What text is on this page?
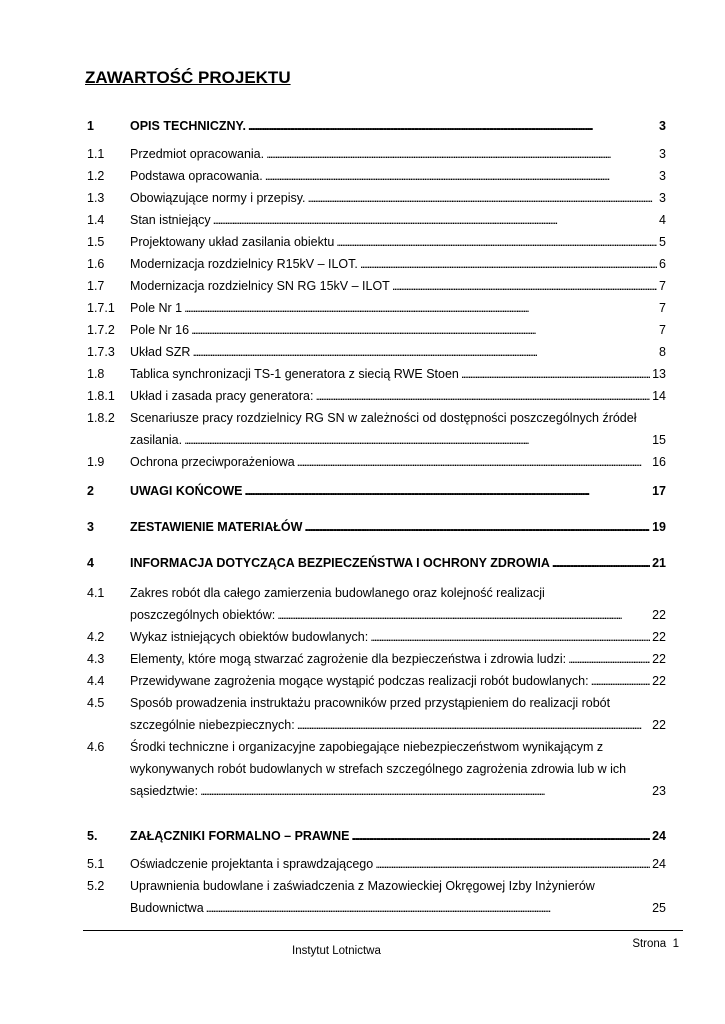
ZAWARTOŚĆ PROJEKTU
1	OPIS TECHNICZNY. . . .	3
1.1 Przedmiot opracowania. . . .	3
1.2 Podstawa opracowania. . . .	3
1.3 Obowiązujące normy i przepisy. . . .	3
1.4 Stan istniejący . . .	4
1.5 Projektowany układ zasilania obiektu . . .	5
1.6 Modernizacja rozdzielnicy R15kV – ILOT. . . .	6
1.7 Modernizacja rozdzielnicy SN RG 15kV – ILOT . . .	7
1.7.1 Pole Nr 1 . . .	7
1.7.2 Pole Nr 16 . . .	7
1.7.3 Układ SZR . . .	8
1.8 Tablica synchronizacji TS-1 generatora z siecią RWE Stoen . . .	13
1.8.1 Układ i zasada pracy generatora: . . .	14
1.8.2 Scenariusze pracy rozdzielnicy RG SN w zależności od dostępności poszczególnych źródeł
zasilania. . . .	15
1.9 Ochrona przeciwporażeniowa . . .	16
2	UWAGI KOŃCOWE . . .	17
3	ZESTAWIENIE MATERIAŁÓW . . .	19
4	INFORMACJA DOTYCZĄCA BEZPIECZEŃSTWA I OCHRONY ZDROWIA . . .	21
4.1 Zakres robót dla całego zamierzenia budowlanego oraz kolejność realizacji
poszczególnych obiektów: . . .	22
4.2 Wykaz istniejących obiektów budowlanych: . . .	22
4.3 Elementy, które mogą stwarzać zagrożenie dla bezpieczeństwa i zdrowia ludzi: . . .	22
4.4 Przewidywane zagrożenia mogące wystąpić podczas realizacji robót budowlanych: . . .	22
4.5 Sposób prowadzenia instruktażu pracowników przed przystąpieniem do realizacji robót
szczególnie niebezpiecznych: . . .	22
4.6 Środki techniczne i organizacyjne zapobiegające niebezpieczeństwom wynikającym z
wykonywanych robót budowlanych w strefach szczególnego zagrożenia zdrowia lub w ich
sąsiedztwie: . . .	23
5.	ZAŁĄCZNIKI FORMALNO – PRAWNE . . .	24
5.1 Oświadczenie projektanta i sprawdzającego . . .	24
5.2 Uprawnienia budowlane i zaświadczenia z Mazowieckiej Okręgowej Izby Inżynierów
Budownictwa . . .	25
Instytut Lotnictwa
Strona 1
